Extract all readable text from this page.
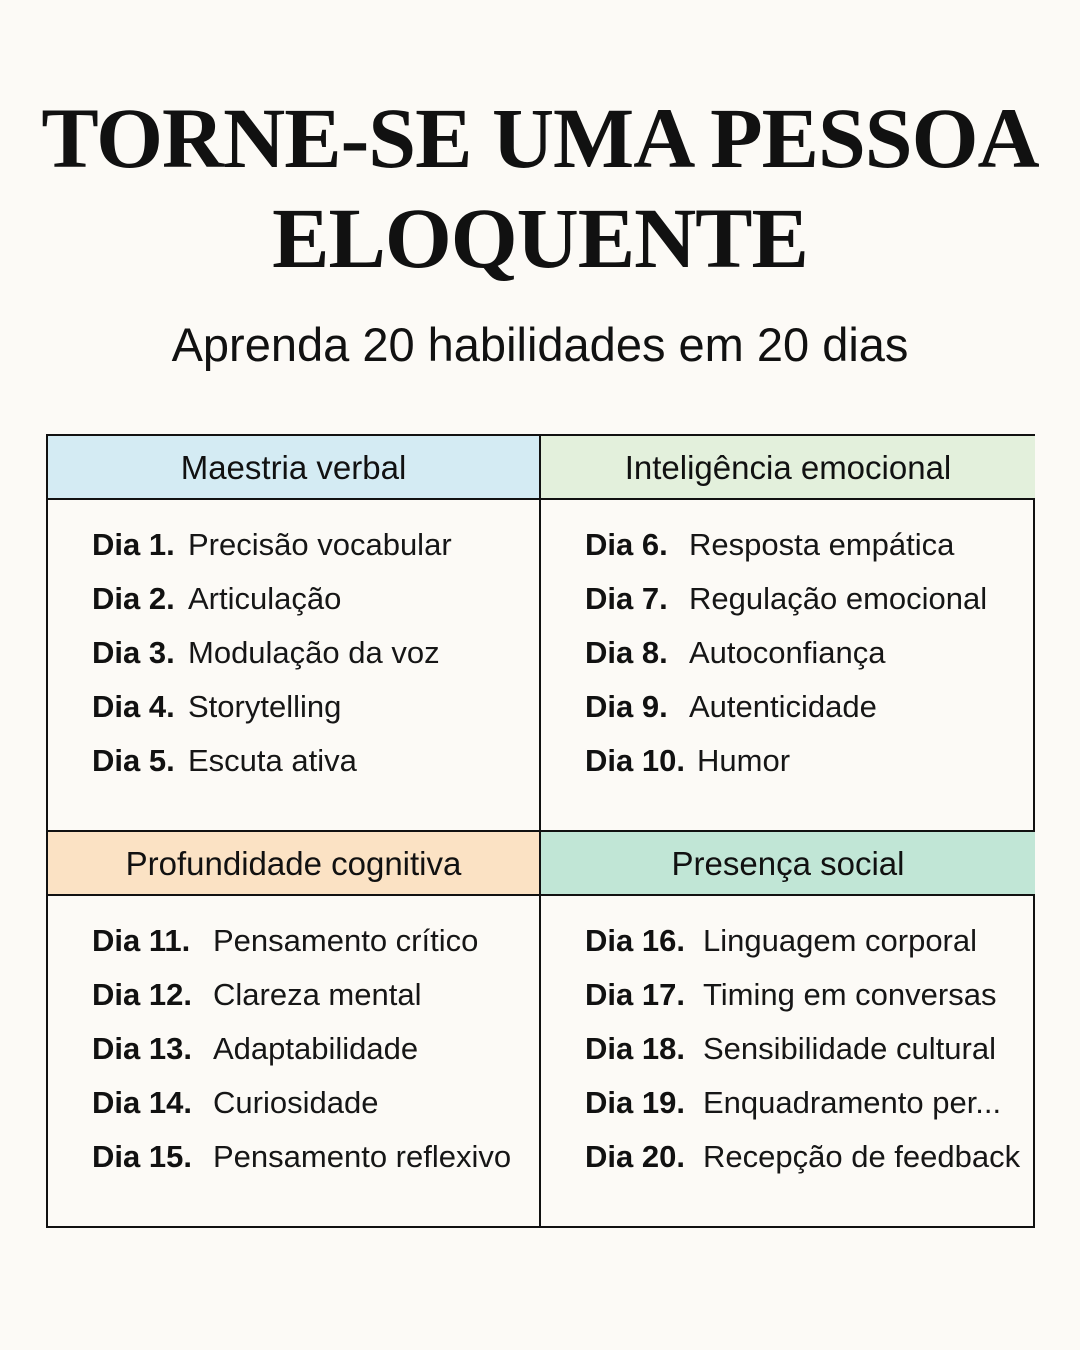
TORNE-SE UMA PESSOA
ELOQUENTE

Aprenda 20 habilidades em 20 dias

Maestria verbal
Dia 1. Precisão vocabular
Dia 2. Articulação
Dia 3. Modulação da voz
Dia 4. Storytelling
Dia 5. Escuta ativa
Inteligência emocional
Dia 6. Resposta empática
Dia 7. Regulação emocional
Dia 8. Autoconfiança
Dia 9. Autenticidade
Dia 10. Humor
Profundidade cognitiva
Dia 11. Pensamento crítico
Dia 12. Clareza mental
Dia 13. Adaptabilidade
Dia 14. Curiosidade
Dia 15. Pensamento reflexivo
Presença social
Dia 16. Linguagem corporal
Dia 17. Timing em conversas
Dia 18. Sensibilidade cultural
Dia 19. Enquadramento per...
Dia 20. Recepção de feedback
